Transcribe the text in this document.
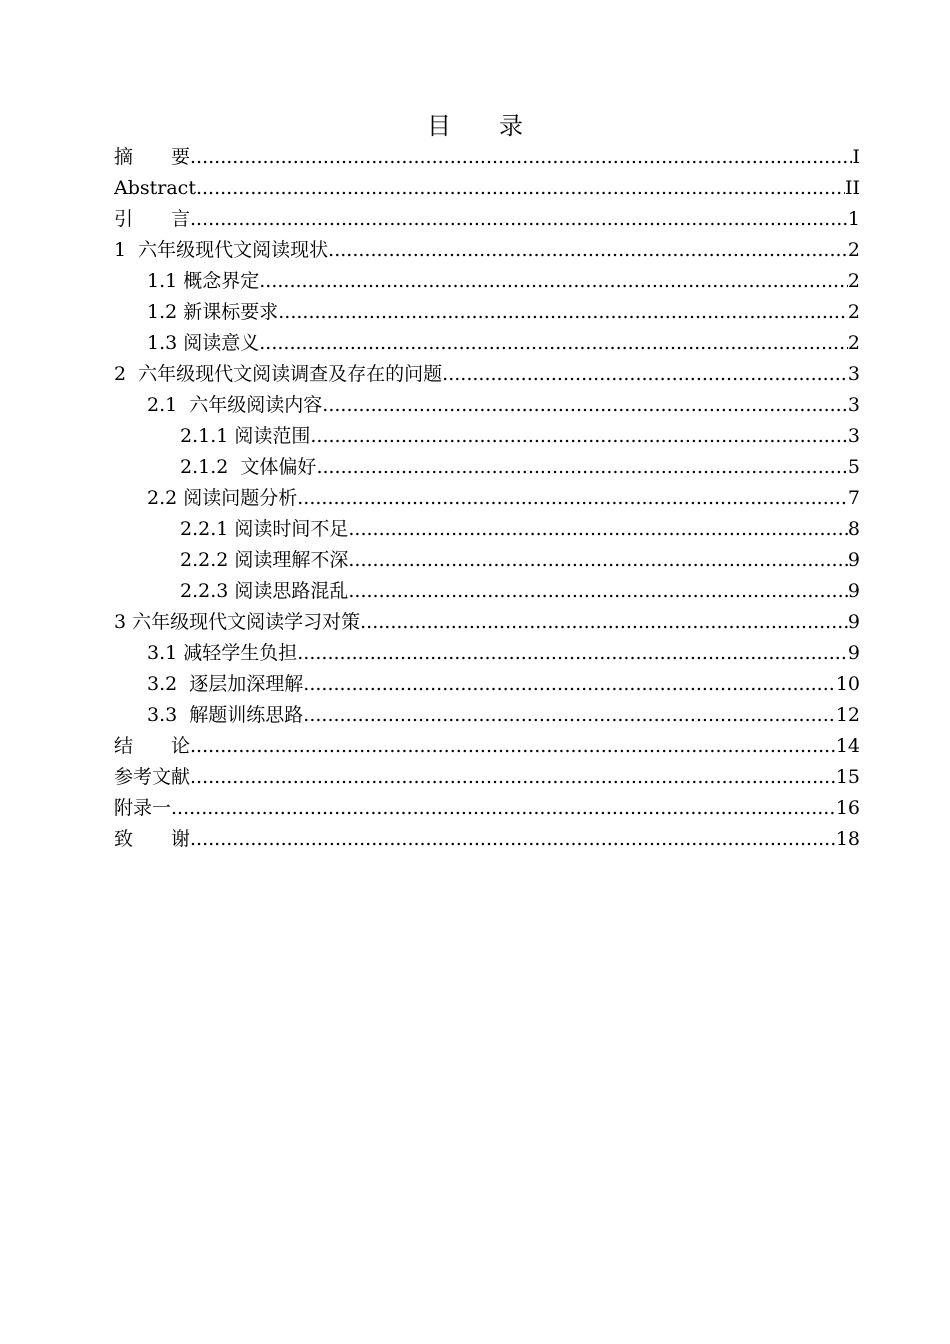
目　　录
摘　　要 .....	I
Abstract .....	II
引　　言 .....	1
1  六年级现代文阅读现状 .....	2
1.1 概念界定 .....	2
1.2 新课标要求 .....	2
1.3 阅读意义 .....	2
2  六年级现代文阅读调查及存在的问题 .....	3
2.1  六年级阅读内容 .....	3
2.1.1 阅读范围 .....	3
2.1.2  文体偏好 .....	5
2.2 阅读问题分析 .....	7
2.2.1 阅读时间不足 .....	8
2.2.2 阅读理解不深 .....	9
2.2.3 阅读思路混乱 .....	9
3 六年级现代文阅读学习对策 .....	9
3.1 减轻学生负担 .....	9
3.2  逐层加深理解 .....	10
3.3  解题训练思路 .....	12
结　　论 .....	14
参考文献 .....	15
附录一 .....	16
致　　谢 .....	18
